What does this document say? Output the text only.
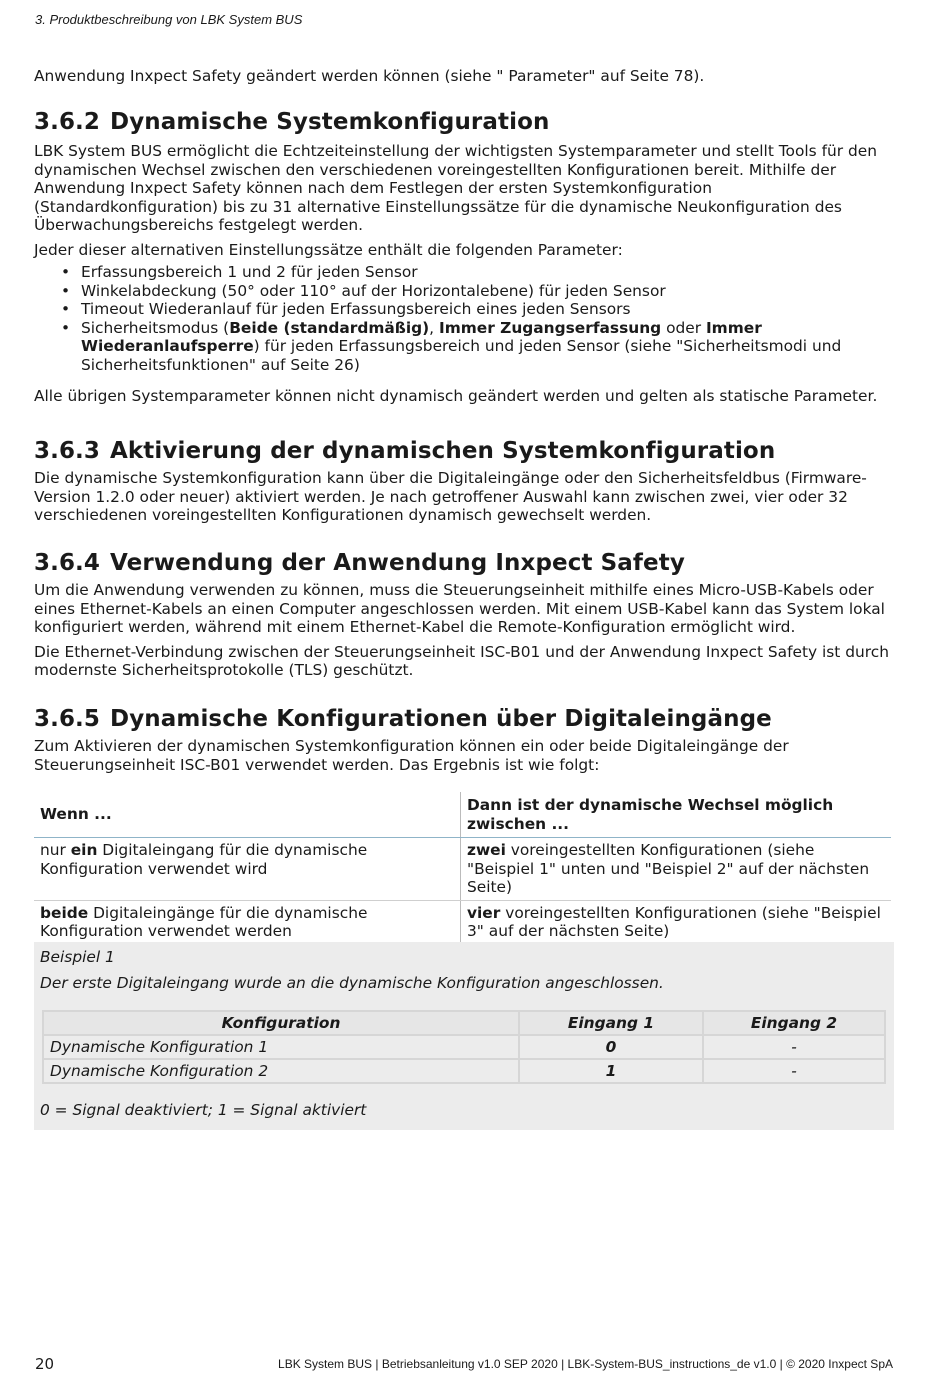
3. Produktbeschreibung von LBK System BUS

Anwendung Inxpect Safety geändert werden können (siehe " Parameter" auf Seite 78).

3.6.2 Dynamische Systemkonfiguration

LBK System BUS ermöglicht die Echtzeiteinstellung der wichtigsten Systemparameter und stellt Tools für den dynamischen Wechsel zwischen den verschiedenen voreingestellten Konfigurationen bereit. Mithilfe der Anwendung Inxpect Safety können nach dem Festlegen der ersten Systemkonfiguration (Standardkonfiguration) bis zu 31 alternative Einstellungssätze für die dynamische Neukonfiguration des Überwachungsbereichs festgelegt werden.

Jeder dieser alternativen Einstellungssätze enthält die folgenden Parameter:

• Erfassungsbereich 1 und 2 für jeden Sensor
• Winkelabdeckung (50° oder 110° auf der Horizontalebene) für jeden Sensor
• Timeout Wiederanlauf für jeden Erfassungsbereich eines jeden Sensors
• Sicherheitsmodus (Beide (standardmäßig), Immer Zugangserfassung oder Immer Wiederanlaufsperre) für jeden Erfassungsbereich und jeden Sensor (siehe "Sicherheitsmodi und Sicherheitsfunktionen" auf Seite 26)

Alle übrigen Systemparameter können nicht dynamisch geändert werden und gelten als statische Parameter.

3.6.3 Aktivierung der dynamischen Systemkonfiguration

Die dynamische Systemkonfiguration kann über die Digitaleingänge oder den Sicherheitsfeldbus (Firmware-Version 1.2.0 oder neuer) aktiviert werden. Je nach getroffener Auswahl kann zwischen zwei, vier oder 32 verschiedenen voreingestellten Konfigurationen dynamisch gewechselt werden.

3.6.4 Verwendung der Anwendung Inxpect Safety

Um die Anwendung verwenden zu können, muss die Steuerungseinheit mithilfe eines Micro-USB-Kabels oder eines Ethernet-Kabels an einen Computer angeschlossen werden. Mit einem USB-Kabel kann das System lokal konfiguriert werden, während mit einem Ethernet-Kabel die Remote-Konfiguration ermöglicht wird.

Die Ethernet-Verbindung zwischen der Steuerungseinheit ISC-B01 und der Anwendung Inxpect Safety ist durch modernste Sicherheitsprotokolle (TLS) geschützt.

3.6.5 Dynamische Konfigurationen über Digitaleingänge

Zum Aktivieren der dynamischen Systemkonfiguration können ein oder beide Digitaleingänge der Steuerungseinheit ISC-B01 verwendet werden. Das Ergebnis ist wie folgt:

Wenn ...	Dann ist der dynamische Wechsel möglich zwischen ...
nur ein Digitaleingang für die dynamische Konfiguration verwendet wird	zwei voreingestellten Konfigurationen (siehe "Beispiel 1" unten und "Beispiel 2" auf der nächsten Seite)
beide Digitaleingänge für die dynamische Konfiguration verwendet werden	vier voreingestellten Konfigurationen (siehe "Beispiel 3" auf der nächsten Seite)
Beispiel 1
Der erste Digitaleingang wurde an die dynamische Konfiguration angeschlossen.
Konfiguration	Eingang 1	Eingang 2
Dynamische Konfiguration 1	0	-
Dynamische Konfiguration 2	1	-
0 = Signal deaktiviert; 1 = Signal aktiviert
20	LBK System BUS | Betriebsanleitung v1.0 SEP 2020 | LBK-System-BUS_instructions_de v1.0 | © 2020 Inxpect SpA
